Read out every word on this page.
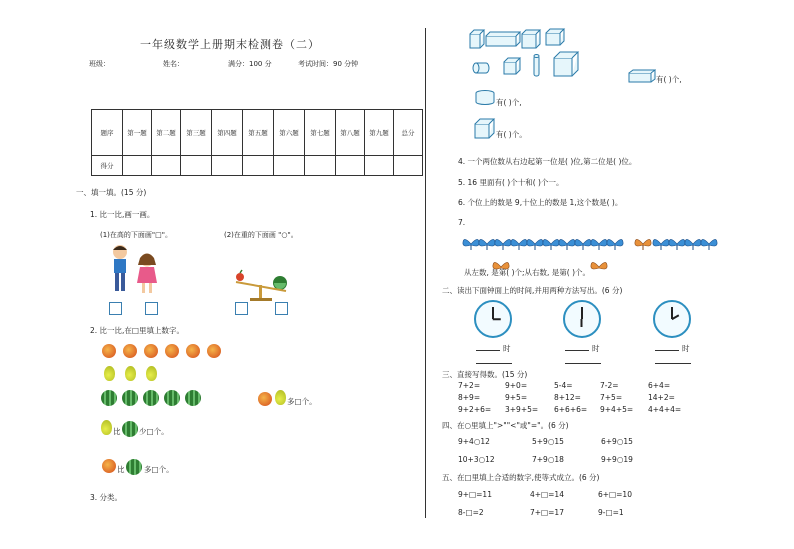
一年级数学上册期末检测卷（二）
班级：	姓名：	满分：100 分	考试时间：90 分钟
题序	第一题	第二题	第三题	第四题	第五题	第六题	第七题	第八题	第九题	总分
得分										
一、填一填。(15 分)
1. 比一比,画一画。
(1)在高的下面画"□"。	(2)在重的下面画 "○"。
2. 比一比,在□里填上数字。
多□个。
比 少□个。
比	多□个。
3. 分类。
有( )个,
有( )个,
有( )个。
4. 一个两位数从右边起第一位是( )位,第二位是( )位。
5. 16 里面有( )个十和( )个一。
6. 个位上的数是 9,十位上的数是 1,这个数是( )。
7.
从左数, 是第( )个;从右数, 是第( )个。
二、读出下面钟面上的时间,并用两种方法写出。(6 分)
时	时	时
三、直接写得数。(15 分)
7+2=	9+0=	5-4=	7-2=	6+4=
8+9=	9+5=	8+12=	7+5=	14+2=
9+2+6= 3+9+5= 6+6+6= 9+4+5= 4+4+4=
四、在○里填上">""<"或"="。(6 分)
9+4○12	5+9○15	6+9○15
10+3○12	7+9○18	9+9○19
五、在□里填上合适的数字,使等式成立。(6 分)
9+□=11	4+□=14	6+□=10
8-□=2	7+□=17	9-□=1
